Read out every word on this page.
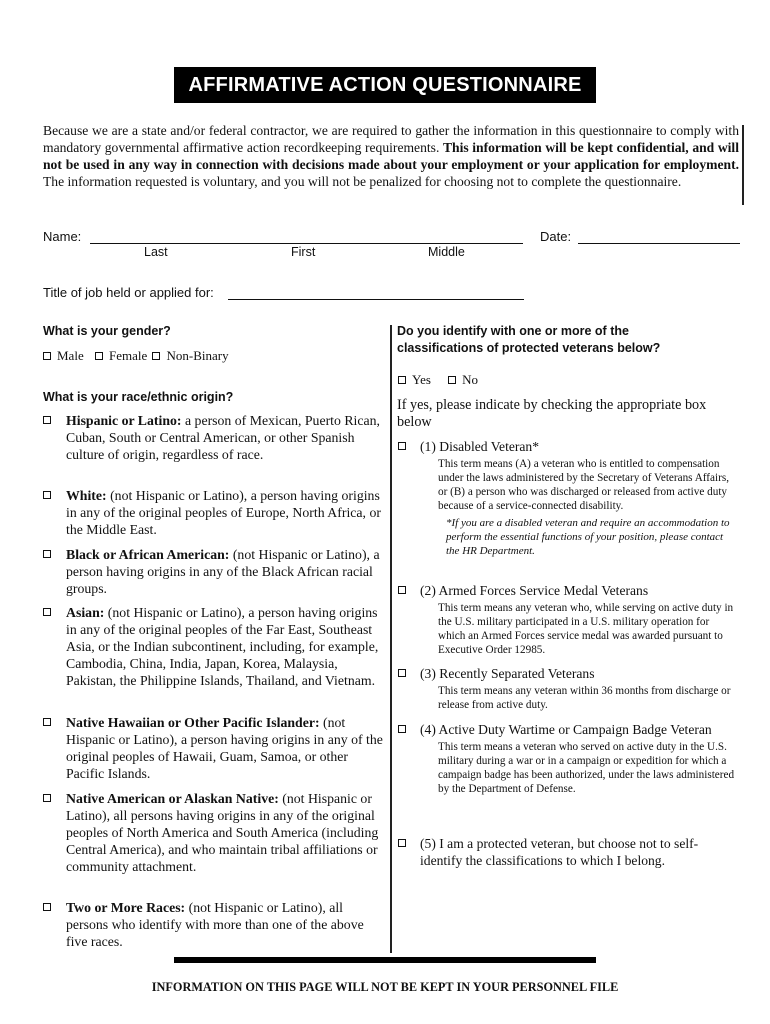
AFFIRMATIVE ACTION QUESTIONNAIRE
Because we are a state and/or federal contractor, we are required to gather the information in this questionnaire to comply with mandatory governmental affirmative action recordkeeping requirements. This information will be kept confidential, and will not be used in any way in connection with decisions made about your employment or your application for employment. The information requested is voluntary, and you will not be penalized for choosing not to complete the questionnaire.
Name:
Last	First	Middle
Date:
Title of job held or applied for:
What is your gender?
Male Female Non-Binary
What is your race/ethnic origin?
Hispanic or Latino: a person of Mexican, Puerto Rican, Cuban, South or Central American, or other Spanish culture of origin, regardless of race.
White: (not Hispanic or Latino), a person having origins in any of the original peoples of Europe, North Africa, or the Middle East.
Black or African American: (not Hispanic or Latino), a person having origins in any of the Black African racial groups.
Asian: (not Hispanic or Latino), a person having origins in any of the original peoples of the Far East, Southeast Asia, or the Indian subcontinent, including, for example, Cambodia, China, India, Japan, Korea, Malaysia, Pakistan, the Philippine Islands, Thailand, and Vietnam.
Native Hawaiian or Other Pacific Islander: (not Hispanic or Latino), a person having origins in any of the original peoples of Hawaii, Guam, Samoa, or other Pacific Islands.
Native American or Alaskan Native: (not Hispanic or Latino), all persons having origins in any of the original peoples of North America and South America (including Central America), and who maintain tribal affiliations or community attachment.
Two or More Races: (not Hispanic or Latino), all persons who identify with more than one of the above five races.
Do you identify with one or more of the classifications of protected veterans below?
Yes No
If yes, please indicate by checking the appropriate box below
(1) Disabled Veteran*
This term means (A) a veteran who is entitled to compensation under the laws administered by the Secretary of Veterans Affairs, or (B) a person who was discharged or released from active duty because of a service-connected disability.
*If you are a disabled veteran and require an accommodation to perform the essential functions of your position, please contact the HR Department.
(2) Armed Forces Service Medal Veterans
This term means any veteran who, while serving on active duty in the U.S. military participated in a U.S. military operation for which an Armed Forces service medal was awarded pursuant to Executive Order 12985.
(3) Recently Separated Veterans
This term means any veteran within 36 months from discharge or release from active duty.
(4) Active Duty Wartime or Campaign Badge Veteran
This term means a veteran who served on active duty in the U.S. military during a war or in a campaign or expedition for which a campaign badge has been authorized, under the laws administered by the Department of Defense.
(5) I am a protected veteran, but choose not to self-identify the classifications to which I belong.
INFORMATION ON THIS PAGE WILL NOT BE KEPT IN YOUR PERSONNEL FILE
